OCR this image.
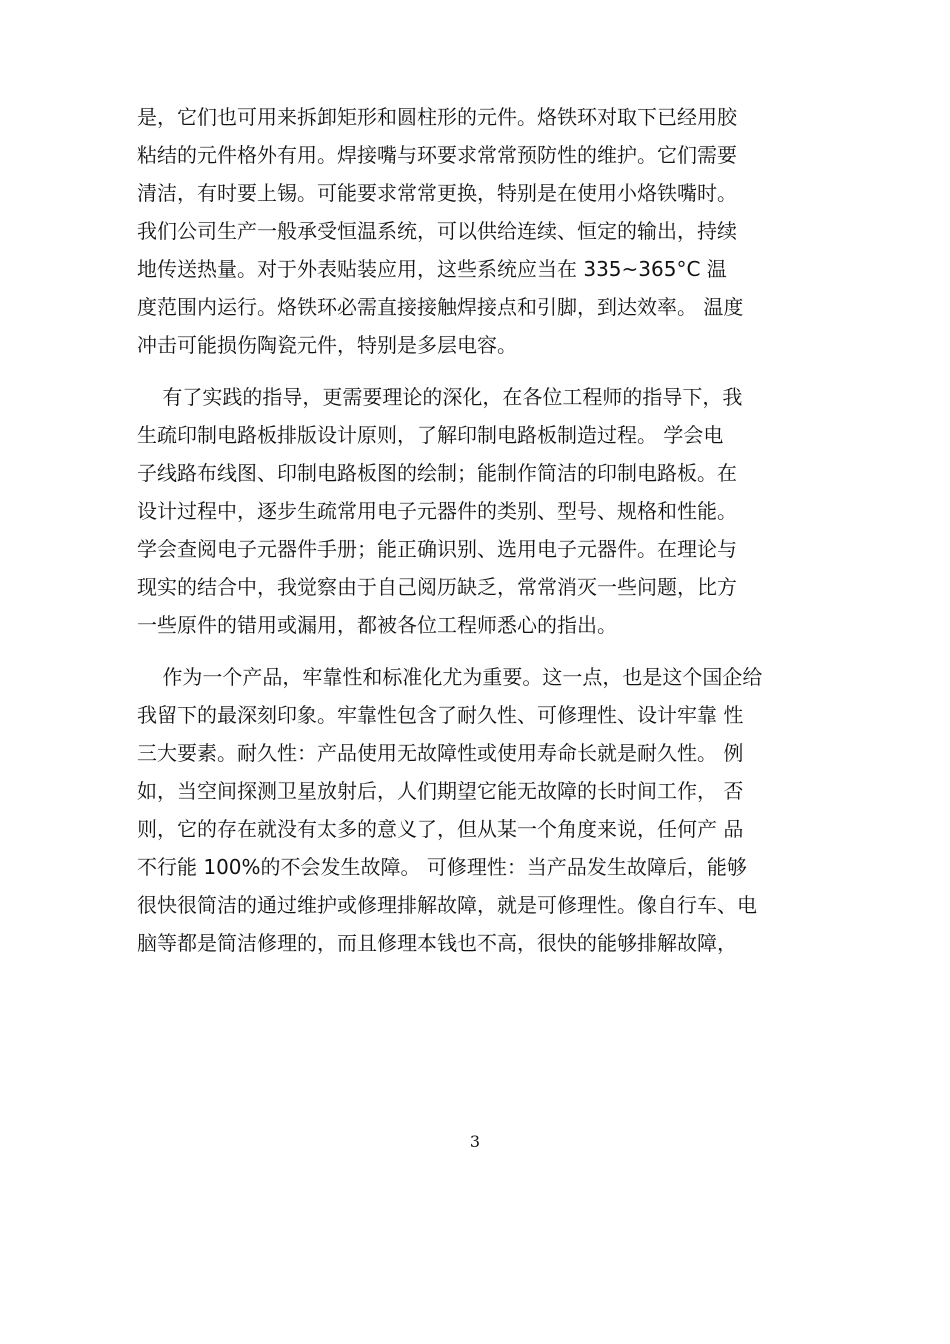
是，它们也可用来拆卸矩形和圆柱形的元件。烙铁环对取下已经用胶
粘结的元件格外有用。焊接嘴与环要求常常预防性的维护。它们需要
清洁，有时要上锡。可能要求常常更换，特别是在使用小烙铁嘴时。
我们公司生产一般承受恒温系统，可以供给连续、恒定的输出，持续
地传送热量。对于外表贴装应用，这些系统应当在 335~365°C 温
度范围内运行。烙铁环必需直接接触焊接点和引脚，到达效率。 温度
冲击可能损伤陶瓷元件，特别是多层电容。
有了实践的指导，更需要理论的深化，在各位工程师的指导下，我
生疏印制电路板排版设计原则，了解印制电路板制造过程。 学会电
子线路布线图、印制电路板图的绘制；能制作简洁的印制电路板。在
设计过程中，逐步生疏常用电子元器件的类别、型号、规格和性能。
学会查阅电子元器件手册；能正确识别、选用电子元器件。在理论与
现实的结合中，我觉察由于自己阅历缺乏，常常消灭一些问题，比方
一些原件的错用或漏用，都被各位工程师悉心的指出。
作为一个产品，牢靠性和标准化尤为重要。这一点，也是这个国企给
我留下的最深刻印象。牢靠性包含了耐久性、可修理性、设计牢靠 性
三大要素。耐久性：产品使用无故障性或使用寿命长就是耐久性。 例
如，当空间探测卫星放射后，人们期望它能无故障的长时间工作， 否
则，它的存在就没有太多的意义了，但从某一个角度来说，任何产 品
不行能 100%的不会发生故障。 可修理性：当产品发生故障后，能够
很快很简洁的通过维护或修理排解故障，就是可修理性。像自行车、电
脑等都是简洁修理的，而且修理本钱也不高，很快的能够排解故障，
3
